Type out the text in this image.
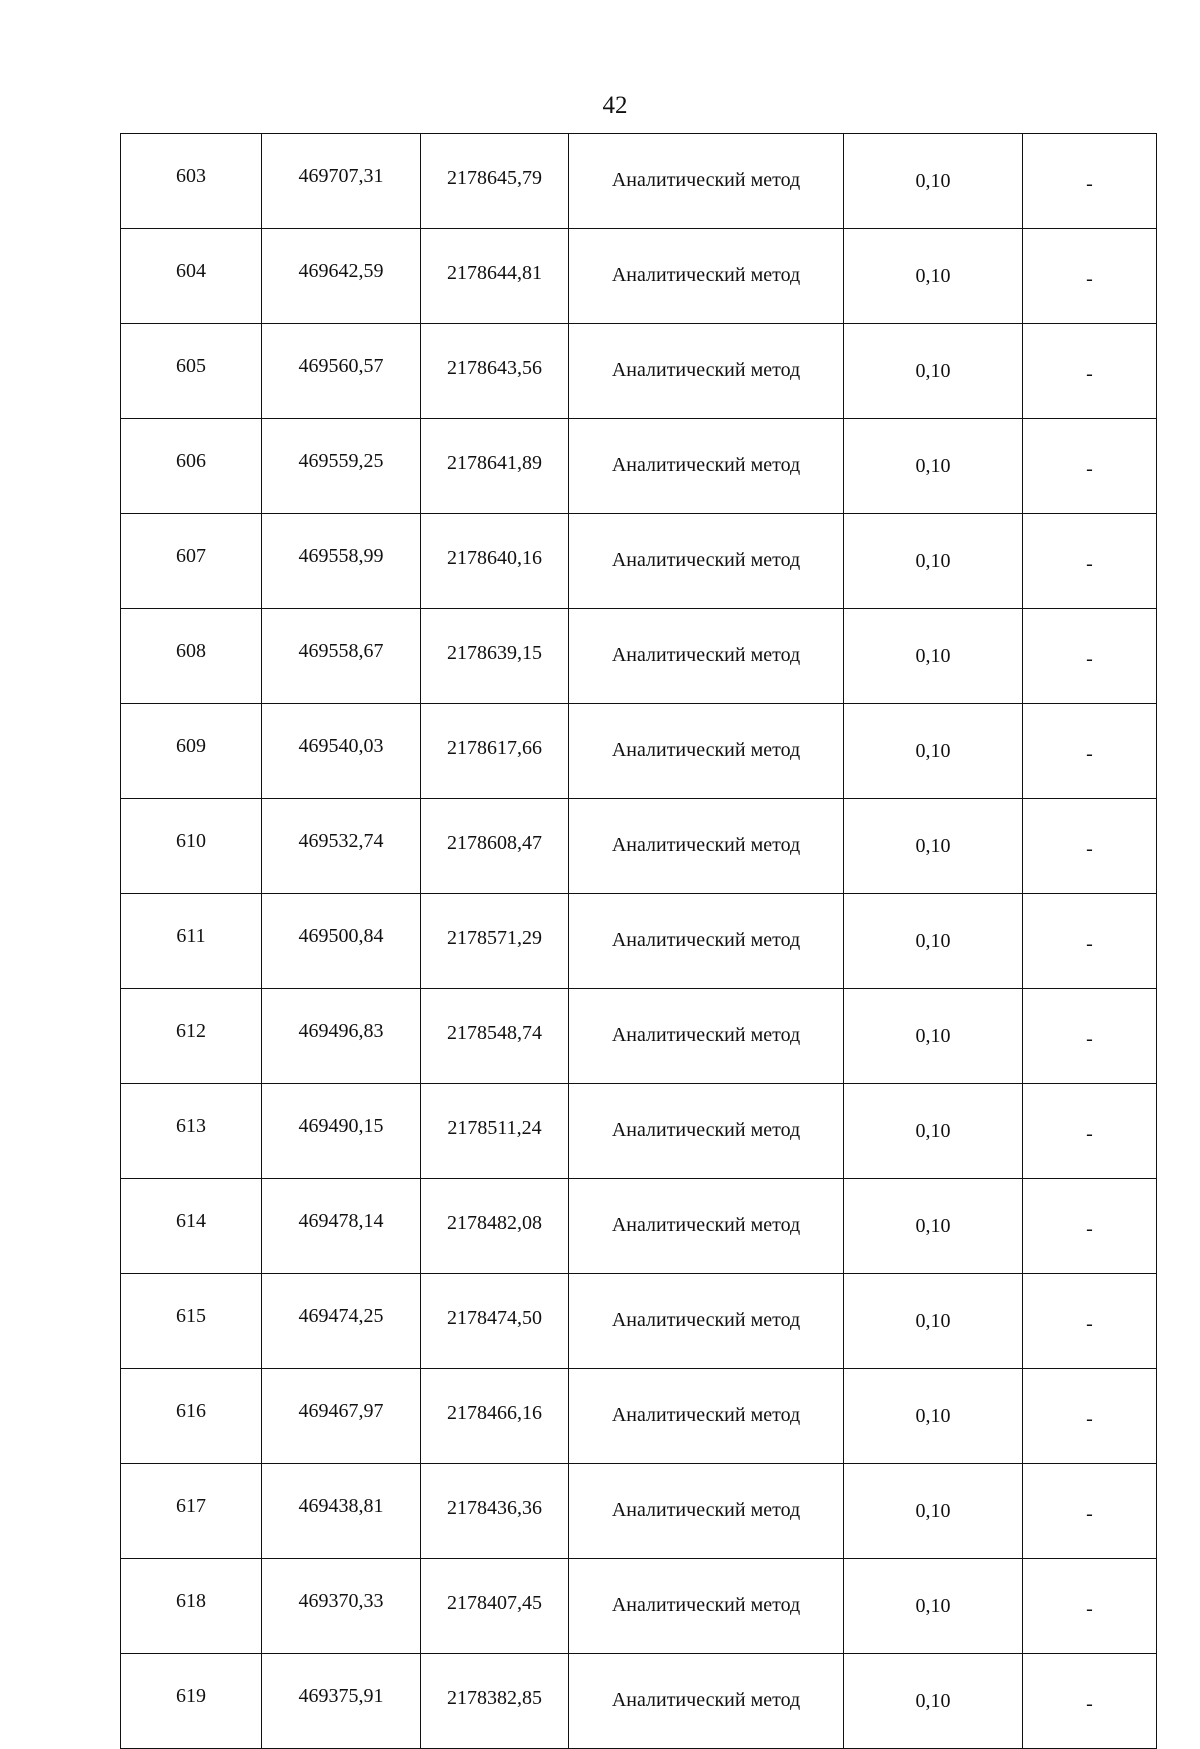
42
603	469707,31	2178645,79	Аналитический метод	0,10	-
604	469642,59	2178644,81	Аналитический метод	0,10	-
605	469560,57	2178643,56	Аналитический метод	0,10	-
606	469559,25	2178641,89	Аналитический метод	0,10	-
607	469558,99	2178640,16	Аналитический метод	0,10	-
608	469558,67	2178639,15	Аналитический метод	0,10	-
609	469540,03	2178617,66	Аналитический метод	0,10	-
610	469532,74	2178608,47	Аналитический метод	0,10	-
611	469500,84	2178571,29	Аналитический метод	0,10	-
612	469496,83	2178548,74	Аналитический метод	0,10	-
613	469490,15	2178511,24	Аналитический метод	0,10	-
614	469478,14	2178482,08	Аналитический метод	0,10	-
615	469474,25	2178474,50	Аналитический метод	0,10	-
616	469467,97	2178466,16	Аналитический метод	0,10	-
617	469438,81	2178436,36	Аналитический метод	0,10	-
618	469370,33	2178407,45	Аналитический метод	0,10	-
619	469375,91	2178382,85	Аналитический метод	0,10	-
